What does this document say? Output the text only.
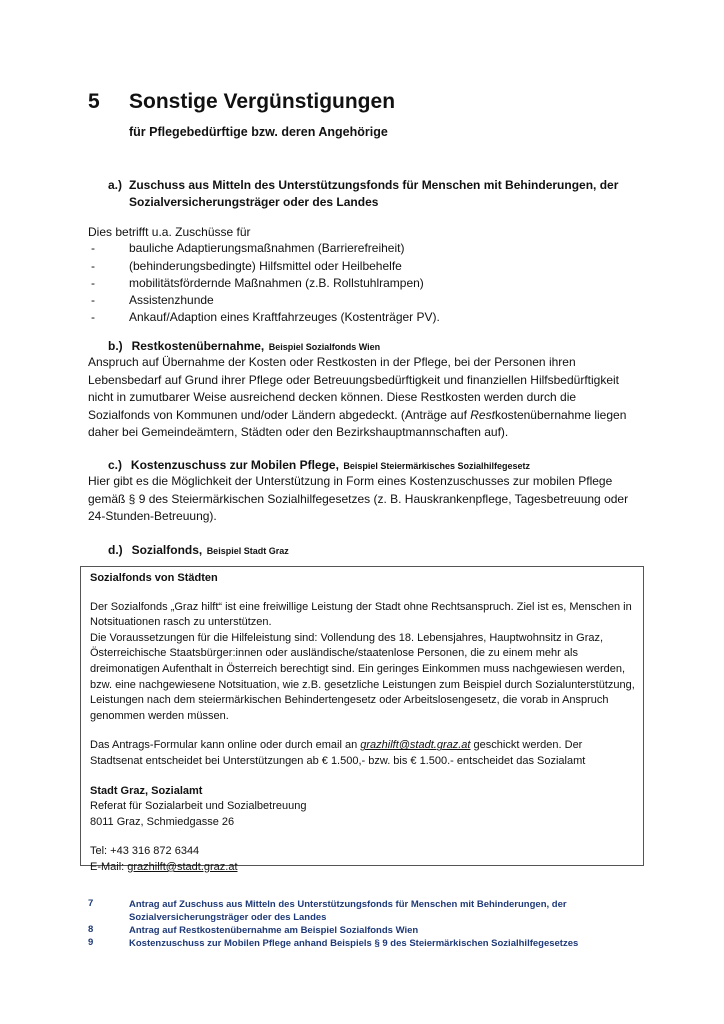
5 Sonstige Vergünstigungen
für Pflegebedürftige bzw. deren Angehörige
a.) Zuschuss aus Mitteln des Unterstützungsfonds für Menschen mit Behinderungen, der
Sozialversicherungsträger oder des Landes
Dies betrifft u.a. Zuschüsse für
-	bauliche Adaptierungsmaßnahmen (Barrierefreiheit)
-	(behinderungsbedingte) Hilfsmittel oder Heilbehelfe
-	mobilitätsfördernde Maßnahmen (z.B. Rollstuhlrampen)
-	Assistenzhunde
-	Ankauf/Adaption eines Kraftfahrzeuges (Kostenträger PV).
b.) Restkostenübernahme, Beispiel Sozialfonds Wien
Anspruch auf Übernahme der Kosten oder Restkosten in der Pflege, bei der Personen ihren
Lebensbedarf auf Grund ihrer Pflege oder Betreuungsbedürftigkeit und finanziellen Hilfsbedürftigkeit
nicht in zumutbarer Weise ausreichend decken können. Diese Restkosten werden durch die
Sozialfonds von Kommunen und/oder Ländern abgedeckt. (Anträge auf Restkostenübernahme liegen
daher bei Gemeindeämtern, Städten oder den Bezirkshauptmannschaften auf).
c.) Kostenzuschuss zur Mobilen Pflege, Beispiel Steiermärkisches Sozialhilfegesetz
Hier gibt es die Möglichkeit der Unterstützung in Form eines Kostenzuschusses zur mobilen Pflege
gemäß § 9 des Steiermärkischen Sozialhilfegesetzes (z. B. Hauskrankenpflege, Tagesbetreuung oder
24-Stunden-Betreuung).
d.) Sozialfonds, Beispiel Stadt Graz
Sozialfonds von Städten
Der Sozialfonds „Graz hilft“ ist eine freiwillige Leistung der Stadt ohne Rechtsanspruch. Ziel ist es, Menschen in
Notsituationen rasch zu unterstützen.
Die Voraussetzungen für die Hilfeleistung sind: Vollendung des 18. Lebensjahres, Hauptwohnsitz in Graz,
Österreichische Staatsbürger:innen oder ausländische/staatenlose Personen, die zu einem mehr als
dreimonatigen Aufenthalt in Österreich berechtigt sind. Ein geringes Einkommen muss nachgewiesen werden,
bzw. eine nachgewiesene Notsituation, wie z.B. gesetzliche Leistungen zum Beispiel durch Sozialunterstützung,
Leistungen nach dem steiermärkischen Behindertengesetz oder Arbeitslosengesetz, die vorab in Anspruch
genommen werden müssen.
Das Antrags-Formular kann online oder durch email an grazhilft@stadt.graz.at geschickt werden. Der
Stadtsenat entscheidet bei Unterstützungen ab € 1.500,- bzw. bis € 1.500.- entscheidet das Sozialamt
Stadt Graz, Sozialamt
Referat für Sozialarbeit und Sozialbetreuung
8011 Graz, Schmiedgasse 26
Tel: +43 316 872 6344
E-Mail: grazhilft@stadt.graz.at
7	Antrag auf Zuschuss aus Mitteln des Unterstützungsfonds für Menschen mit Behinderungen, der Sozialversicherungsträger oder des Landes
8	Antrag auf Restkostenübernahme am Beispiel Sozialfonds Wien
9	Kostenzuschuss zur Mobilen Pflege anhand Beispiels § 9 des Steiermärkischen Sozialhilfegesetzes
